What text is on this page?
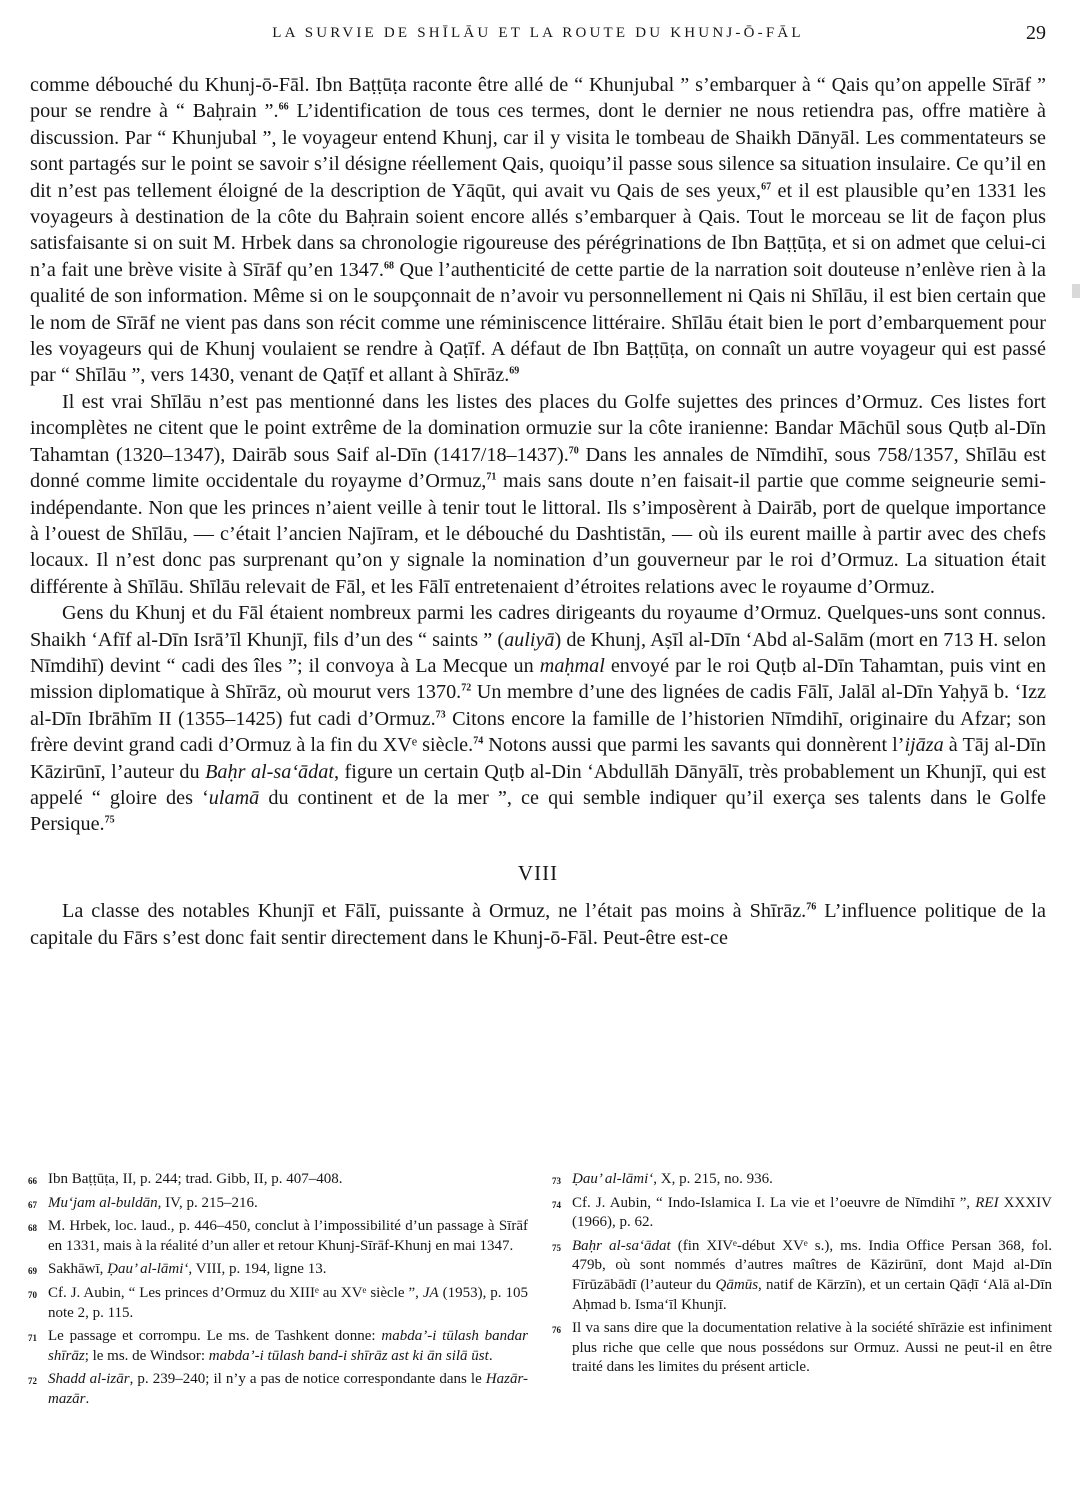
LA SURVIE DE SHĪLĀU ET LA ROUTE DU KHUNJ-Ō-FĀL	29

comme débouché du Khunj-ō-Fāl. Ibn Baṭṭūṭa raconte être allé de “ Khunjubal ” s’embarquer à “ Qais qu’on appelle Sīrāf ” pour se rendre à “ Baḥrain ”.$^{66}$ L’identification de tous ces termes, dont le dernier ne nous retiendra pas, offre matière à discussion. Par “ Khunjubal ”, le voyageur entend Khunj, car il y visita le tombeau de Shaikh Dānyāl. Les commentateurs se sont partagés sur le point se savoir s’il désigne réellement Qais, quoiqu’il passe sous silence sa situation insulaire. Ce qu’il en dit n’est pas tellement éloigné de la description de Yāqūt, qui avait vu Qais de ses yeux,$^{67}$ et il est plausible qu’en 1331 les voyageurs à destination de la côte du Baḥrain soient encore allés s’embarquer à Qais. Tout le morceau se lit de façon plus satisfaisante si on suit M. Hrbek dans sa chronologie rigoureuse des pérégrinations de Ibn Baṭṭūṭa, et si on admet que celui-ci n’a fait une brève visite à Sīrāf qu’en 1347.68 Que l’authenticité de cette partie de la narration soit douteuse n’enlève rien à la qualité de son information. Même si on le soupçonnait de n’avoir vu personnellement ni Qais ni Shīlāu, il est bien certain que le nom de Sīrāf ne vient pas dans son récit comme une réminiscence littéraire. Shīlāu était bien le port d’embarquement pour les voyageurs qui de Khunj voulaient se rendre à Qaṭīf. A défaut de Ibn Baṭṭūṭa, on connaît un autre voyageur qui est passé par “ Shīlāu ”, vers 1430, venant de Qaṭīf et allant à Shīrāz.$^{69}$

Il est vrai Shīlāu n’est pas mentionné dans les listes des places du Golfe sujettes des princes d’Ormuz. Ces listes fort incomplètes ne citent que le point extrême de la domination ormuzie sur la côte iranienne: Bandar Māchūl sous Quṭb al-Dīn Tahamtan (1320–1347), Dairāb sous Saif al-Dīn (1417/18–1437).$^{70}$ Dans les annales de Nīmdihī, sous 758/1357, Shīlāu est donné comme limite occidentale du royayme d’Ormuz,$^{71}$ mais sans doute n’en faisait-il partie que comme seigneurie semi-indépendante. Non que les princes n’aient veille à tenir tout le littoral. Ils s’imposèrent à Dairāb, port de quelque importance à l’ouest de Shīlāu, — c’était l’ancien Najīram, et le débouché du Dashtistān, — où ils eurent maille à partir avec des chefs locaux. Il n’est donc pas surprenant qu’on y signale la nomination d’un gouverneur par le roi d’Ormuz. La situation était différente à Shīlāu. Shīlāu relevait de Fāl, et les Fālī entretenaient d’étroites relations avec le royaume d’Ormuz.

Gens du Khunj et du Fāl étaient nombreux parmi les cadres dirigeants du royaume d’Ormuz. Quelques-uns sont connus. Shaikh ‘Afīf al-Dīn Isrā’īl Khunjī, fils d’un des “ saints ” (auliyā) de Khunj, Aṣīl al-Dīn ‘Abd al-Salām (mort en 713 H. selon Nīmdihī) devint “ cadi des îles ”; il convoya à La Mecque un maḥmal envoyé par le roi Quṭb al-Dīn Tahamtan, puis vint en mission diplomatique à Shīrāz, où mourut vers 1370.72 Un membre d’une des lignées de cadis Fālī, Jalāl al-Dīn Yaḥyā b. ‘Izz al-Dīn Ibrāhīm II (1355–1425) fut cadi d’Ormuz.$^{73}$ Citons encore la famille de l’historien Nīmdihī, originaire du Afzar; son frère devint grand cadi d’Ormuz à la fin du XVᵉ siècle.$^{74}$ Notons aussi que parmi les savants qui donnèrent l’ijāza à Tāj al-Dīn Kāzirūnī, l’auteur du Baḥr al-sa‘ādat, figure un certain Quṭb al-Din ‘Abdullāh Dānyālī, très probablement un Khunjī, qui est appelé “ gloire des ‘ulamā du continent et de la mer ”, ce qui semble indiquer qu’il exerça ses talents dans le Golfe Persique.$^{75}$

VIII

La classe des notables Khunjī et Fālī, puissante à Ormuz, ne l’était pas moins à Shīrāz.$^{76}$ L’influence politique de la capitale du Fārs s’est donc fait sentir directement dans le Khunj-ō-Fāl. Peut-être est-ce

66 Ibn Baṭṭūṭa, II, p. 244; trad. Gibb, II, p. 407–408.
67 Mu‘jam al-buldān, IV, p. 215–216.
68 M. Hrbek, loc. laud., p. 446–450, conclut à l’impossibilité d’un passage à Sīrāf en 1331, mais à la réalité d’un aller et retour Khunj-Sīrāf-Khunj en mai 1347.
69 Sakhāwī, Ḍau’ al-lāmi‘, VIII, p. 194, ligne 13.
70 Cf. J. Aubin, “ Les princes d’Ormuz du XIIIᵉ au XVᵉ siècle ”, JA (1953), p. 105 note 2, p. 115.
71 Le passage et corrompu. Le ms. de Tashkent donne: mabda’-i tūlash bandar shīrāz; le ms. de Windsor: mabda’-i tūlash band-i shīrāz ast ki ān silā ūst.
72 Shadd al-izār, p. 239–240; il n’y a pas de notice correspondante dans le Hazār-mazār.
73 Ḍau’ al-lāmi‘, X, p. 215, no. 936.
74 Cf. J. Aubin, “ Indo-Islamica I. La vie et l’oeuvre de Nīmdihī ”, REI XXXIV (1966), p. 62.
75 Baḥr al-sa‘ādat (fin XIVᵉ-début XVᵉ s.), ms. India Office Persan 368, fol. 479b, où sont nommés d’autres maîtres de Kāzirūnī, dont Majd al-Dīn Fīrūzābādī (l’auteur du Qāmūs, natif de Kārzīn), et un certain Qāḍī ‘Alā al-Dīn Aḥmad b. Isma‘īl Khunjī.
76 Il va sans dire que la documentation relative à la société shīrāzie est infiniment plus riche que celle que nous possédons sur Ormuz. Aussi ne peut-il en être traité dans les limites du présent article.
